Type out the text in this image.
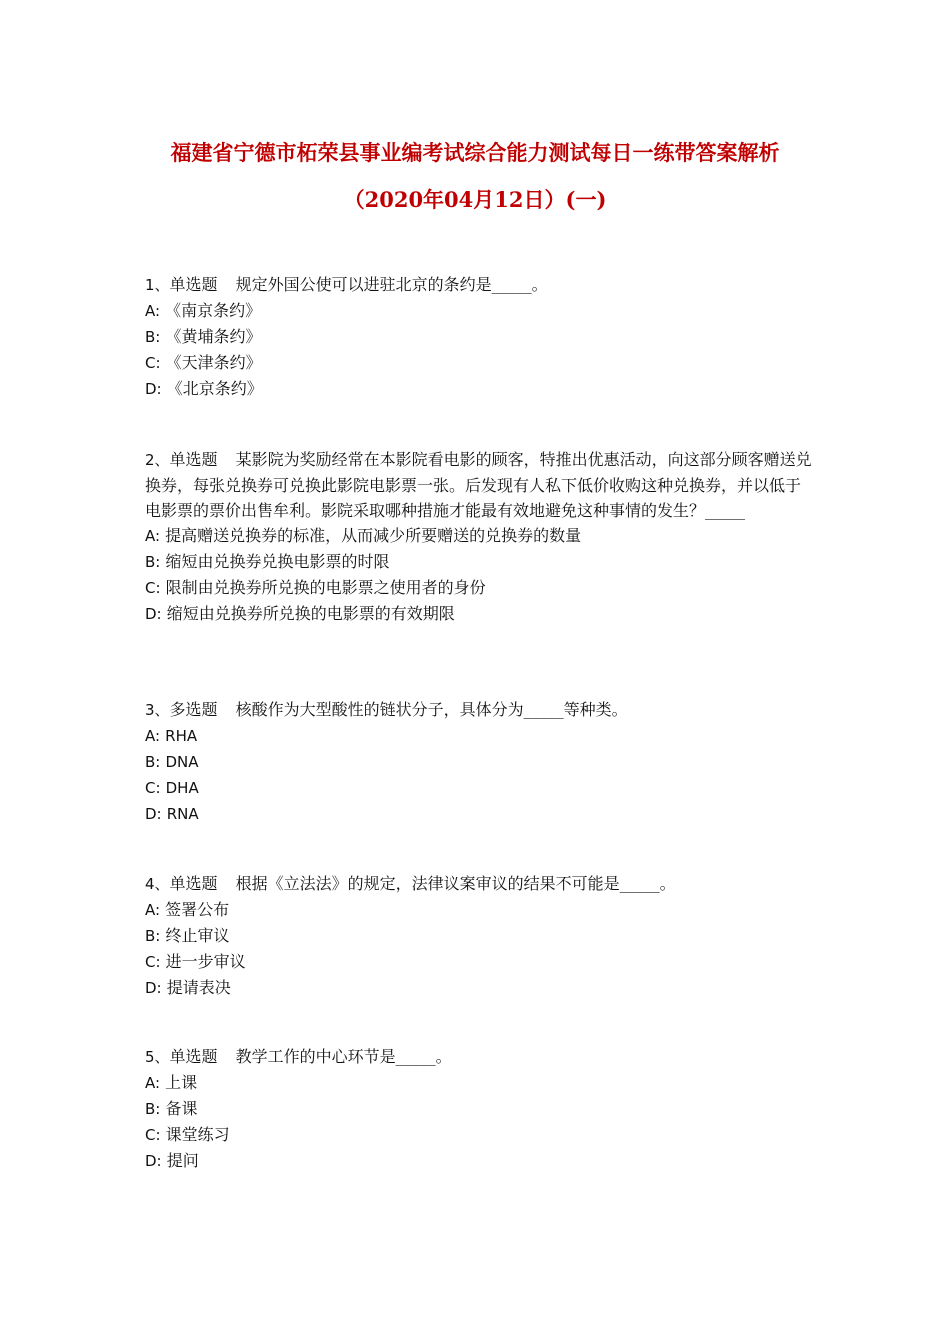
福建省宁德市柘荣县事业编考试综合能力测试每日一练带答案解析
（2020年04月12日）(一)

1、单选题 规定外国公使可以进驻北京的条约是_____。

A: 《南京条约》
B: 《黄埔条约》
C: 《天津条约》
D: 《北京条约》

2、单选题 某影院为奖励经常在本影院看电影的顾客，特推出优惠活动，向这部分顾客赠送兑换券，每张兑换券可兑换此影院电影票一张。后发现有人私下低价收购这种兑换券，并以低于电影票的票价出售牟利。影院采取哪种措施才能最有效地避免这种事情的发生？_____

A: 提高赠送兑换券的标准，从而减少所要赠送的兑换券的数量
B: 缩短由兑换券兑换电影票的时限
C: 限制由兑换券所兑换的电影票之使用者的身份
D: 缩短由兑换券所兑换的电影票的有效期限

3、多选题 核酸作为大型酸性的链状分子，具体分为_____等种类。

A: RHA
B: DNA
C: DHA
D: RNA

4、单选题 根据《立法法》的规定，法律议案审议的结果不可能是_____。

A: 签署公布
B: 终止审议
C: 进一步审议
D: 提请表决

5、单选题 教学工作的中心环节是_____。

A: 上课
B: 备课
C: 课堂练习
D: 提问
